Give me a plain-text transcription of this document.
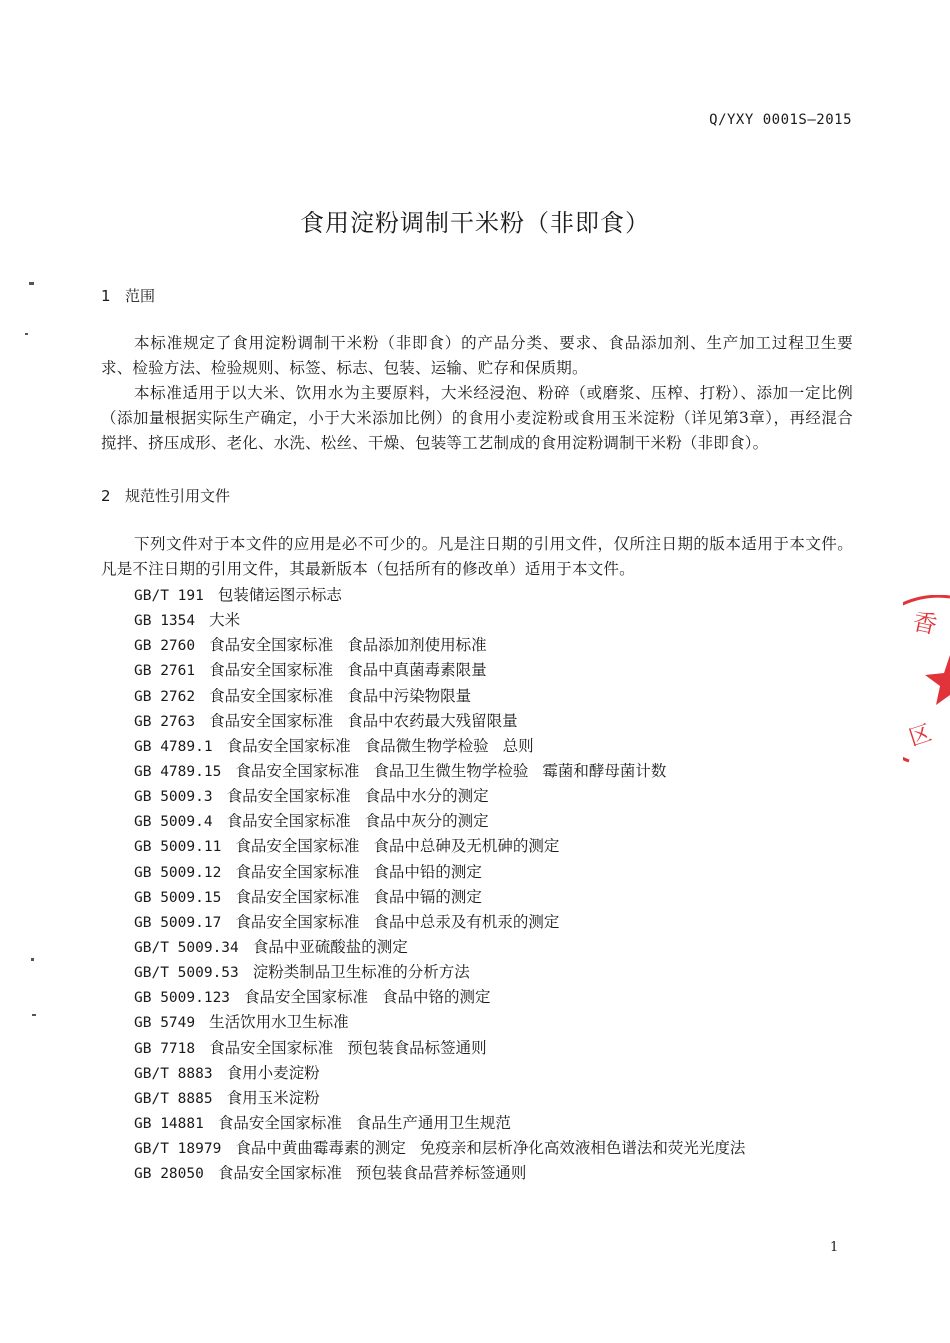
Q/YXY 0001S—2015
食用淀粉调制干米粉（非即食）
1 范围

本标准规定了食用淀粉调制干米粉（非即食）的产品分类、要求、食品添加剂、生产加工过程卫生要求、检验方法、检验规则、标签、标志、包装、运输、贮存和保质期。

本标准适用于以大米、饮用水为主要原料，大米经浸泡、粉碎（或磨浆、压榨、打粉）、添加一定比例（添加量根据实际生产确定，小于大米添加比例）的食用小麦淀粉或食用玉米淀粉（详见第3章），再经混合搅拌、挤压成形、老化、水洗、松丝、干燥、包装等工艺制成的食用淀粉调制干米粉（非即食）。

2 规范性引用文件

下列文件对于本文件的应用是必不可少的。凡是注日期的引用文件，仅所注日期的版本适用于本文件。凡是不注日期的引用文件，其最新版本（包括所有的修改单）适用于本文件。

GB/T 191 包装储运图示标志
GB 1354 大米
GB 2760 食品安全国家标准 食品添加剂使用标准
GB 2761 食品安全国家标准 食品中真菌毒素限量
GB 2762 食品安全国家标准 食品中污染物限量
GB 2763 食品安全国家标准 食品中农药最大残留限量
GB 4789.1 食品安全国家标准 食品微生物学检验 总则
GB 4789.15 食品安全国家标准 食品卫生微生物学检验 霉菌和酵母菌计数
GB 5009.3 食品安全国家标准 食品中水分的测定
GB 5009.4 食品安全国家标准 食品中灰分的测定
GB 5009.11 食品安全国家标准 食品中总砷及无机砷的测定
GB 5009.12 食品安全国家标准 食品中铅的测定
GB 5009.15 食品安全国家标准 食品中镉的测定
GB 5009.17 食品安全国家标准 食品中总汞及有机汞的测定
GB/T 5009.34 食品中亚硫酸盐的测定
GB/T 5009.53 淀粉类制品卫生标准的分析方法
GB 5009.123 食品安全国家标准 食品中铬的测定
GB 5749 生活饮用水卫生标准
GB 7718 食品安全国家标准 预包装食品标签通则
GB/T 8883 食用小麦淀粉
GB/T 8885 食用玉米淀粉
GB 14881 食品安全国家标准 食品生产通用卫生规范
GB/T 18979 食品中黄曲霉毒素的测定 免疫亲和层析净化高效液相色谱法和荧光光度法
GB 28050 食品安全国家标准 预包装食品营养标签通则
1
香
区
